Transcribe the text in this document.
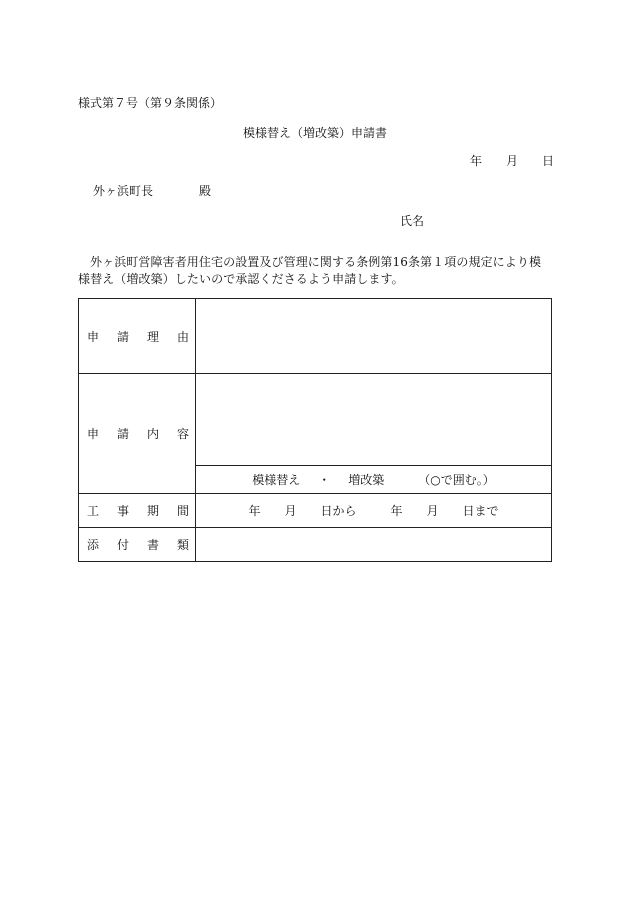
様式第７号（第９条関係）
模様替え（増改築）申請書
年 月 日
外ヶ浜町長	殿
氏名
外ヶ浜町営障害者用住宅の設置及び管理に関する条例第16条第１項の規定により模様替え（増改築）したいので承認くださるよう申請します。
申 請 理 由	

申 請 内 容	

	模様替え ・ 増改築 （○で囲む。）

工 事 期 間	年 月 日から 年 月 日まで

添 付 書 類	
